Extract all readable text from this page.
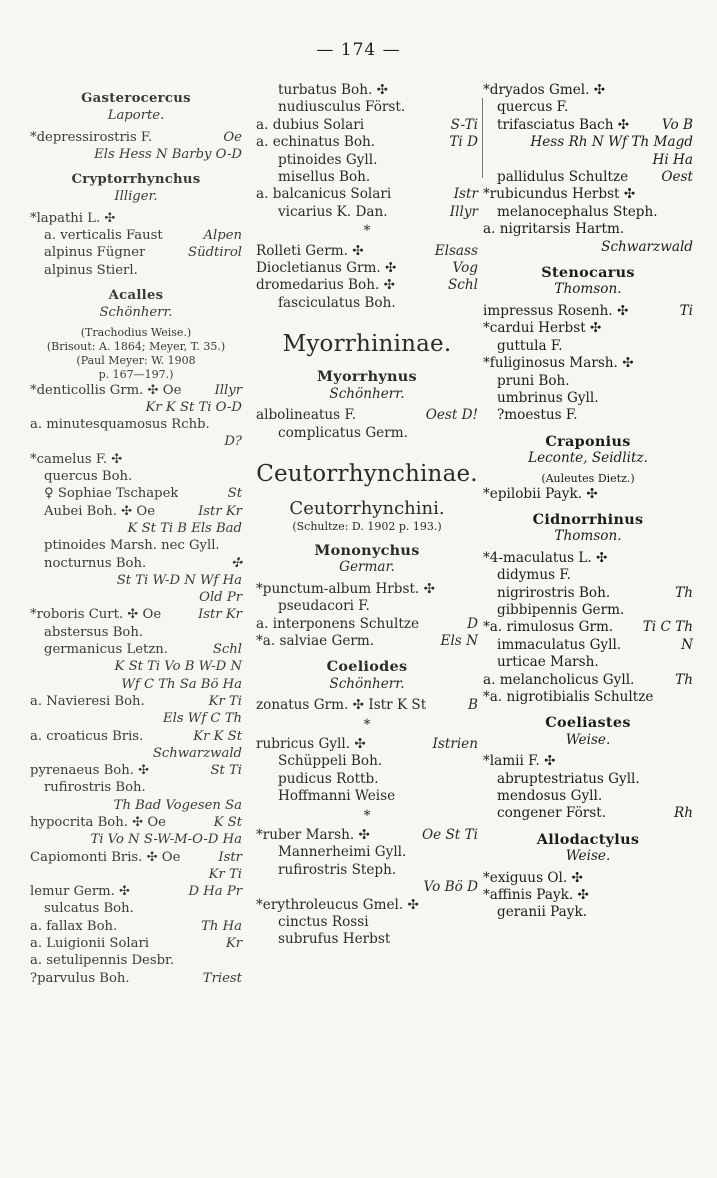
— 174 —
Gasterocercus
Laporte.
*depressirostris F.	Oe
Els Hess N Barby O-D
Cryptorrhynchus
Illiger.
*lapathi L. ✣
a. verticalis Faust	Alpen
alpinus Fügner	Südtirol
alpinus Stierl.
Acalles
Schönherr.
(Trachodius Weise.)
(Brisout: A. 1864; Meyer, T. 35.)
(Paul Meyer: W. 1908
p. 167—197.)
*denticollis Grm. ✣ Oe	Illyr
Kr K St Ti O-D
a. minutesquamosus Rchb.
D?
*camelus F. ✣
quercus Boh.
♀ Sophiae Tschapek	St
Aubei Boh. ✣ Oe	Istr Kr
K St Ti B Els Bad
ptinoides Marsh. nec Gyll.
nocturnus Boh.	✣
St Ti W-D N Wf Ha
Old Pr
*roboris Curt. ✣ Oe	Istr Kr
abstersus Boh.
germanicus Letzn.	Schl
K St Ti Vo B W-D N
Wf C Th Sa Bö Ha
a. Navieresi Boh.	Kr Ti
Els Wf C Th
a. croaticus Bris.	Kr K St
Schwarzwald
pyrenaeus Boh. ✣	St Ti
rufirostris Boh.
Th Bad Vogesen Sa
hypocrita Boh. ✣ Oe	K St
Ti Vo N S-W-M-O-D Ha
Capiomonti Bris. ✣ Oe	Istr
Kr Ti
lemur Germ. ✣	D Ha Pr
sulcatus Boh.
a. fallax Boh.	Th Ha
a. Luigionii Solari	Kr
a. setulipennis Desbr.
?parvulus Boh.	Triest
turbatus Boh. ✣
nudiusculus Först.
a. dubius Solari	S-Ti
a. echinatus Boh.	Ti D
ptinoides Gyll.
misellus Boh.
a. balcanicus Solari	Istr
vicarius K. Dan.	Illyr
*
Rolleti Germ. ✣	Elsass
Diocletianus Grm. ✣	Vog
dromedarius Boh. ✣	Schl
fasciculatus Boh.
Myorrhininae.
Myorrhynus
Schönherr.
albolineatus F.	Oest D!
complicatus Germ.
Ceutorrhynchinae.
Ceutorrhynchini.
(Schultze: D. 1902 p. 193.)
Mononychus
Germar.
*punctum-album Hrbst. ✣
pseudacori F.
a. interponens Schultze	D
*a. salviae Germ.	Els N
Coeliodes
Schönherr.
zonatus Grm. ✣ Istr K St	B
*
rubricus Gyll. ✣	Istrien
Schüppeli Boh.
pudicus Rottb.
Hoffmanni Weise
*
*ruber Marsh. ✣	Oe St Ti
Mannerheimi Gyll.
rufirostris Steph.
Vo Bö D
*erythroleucus Gmel. ✣
cinctus Rossi
subrufus Herbst
*dryados Gmel. ✣
quercus F.
trifasciatus Bach ✣ Vo B
Hess Rh N Wf Th Magd
Hi Ha
pallidulus Schultze Oest
*rubicundus Herbst ✣
melanocephalus Steph.
a. nigritarsis Hartm.
Schwarzwald
Stenocarus
Thomson.
impressus Rosenh. ✣	Ti
*cardui Herbst ✣
guttula F.
*fuliginosus Marsh. ✣
pruni Boh.
umbrinus Gyll.
?moestus F.
Craponius
Leconte, Seidlitz.
(Auleutes Dietz.)
*epilobii Payk. ✣
Cidnorrhinus
Thomson.
*4-maculatus L. ✣
didymus F.
nigrirostris Boh.	Th
gibbipennis Germ.
*a. rimulosus Grm. Ti C Th
immaculatus Gyll.	N
urticae Marsh.
a. melancholicus Gyll.	Th
*a. nigrotibialis Schultze
Coeliastes
Weise.
*lamii F. ✣
abruptestriatus Gyll.
mendosus Gyll.
congener Först.	Rh
Allodactylus
Weise.
*exiguus Ol. ✣
*affinis Payk. ✣
geranii Payk.
